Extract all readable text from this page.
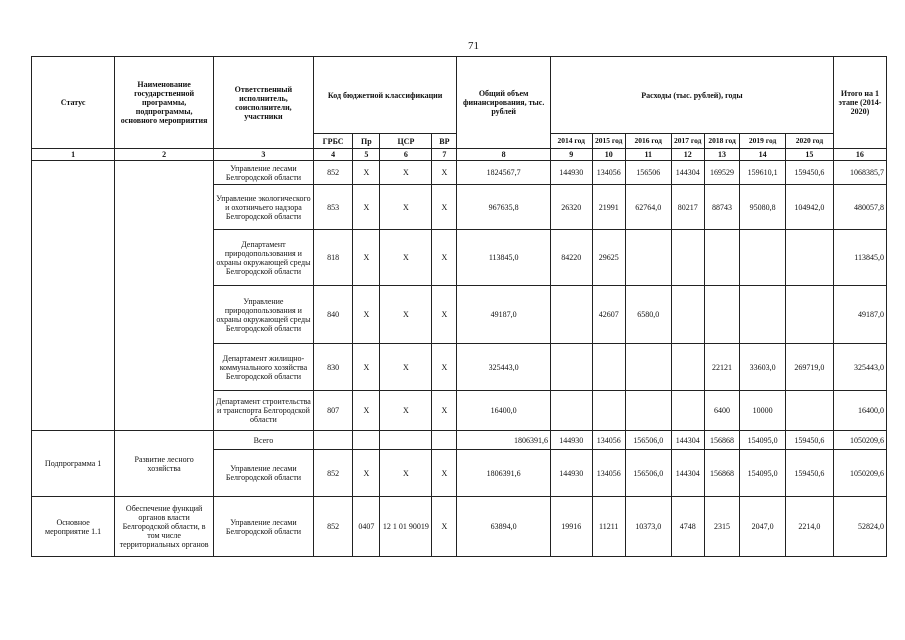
71
Статус	Наименование государственной программы, подпрограммы, основного мероприятия	Ответственный исполнитель, соисполнители, участники	Код бюджетной классификации				Общий объем финансирования, тыс. рублей	Расходы (тыс. рублей), годы							Итого на 1 этапе (2014-2020)
			ГРБС	Пр	ЦСР	ВР		2014 год	2015 год	2016 год	2017 год	2018 год	2019 год	2020 год	
1	2	3	4	5	6	7	8	9	10	11	12	13	14	15	16
		Управление лесами Белгородской области	852	X	X	X	1824567,7	144930	134056	156506	144304	169529	159610,1	159450,6	1068385,7
		Управление экологического и охотничьего надзора Белгородской области	853	X	X	X	967635,8	26320	21991	62764,0	80217	88743	95080,8	104942,0	480057,8
		Департамент природопользования и охраны окружающей среды Белгородской области	818	X	X	X	113845,0	84220	29625						113845,0
		Управление природопользования и охраны окружающей среды Белгородской области	840	X	X	X	49187,0		42607	6580,0					49187,0
		Департамент жилищно-коммунального хозяйства Белгородской области	830	X	X	X	325443,0					22121	33603,0	269719,0	325443,0
		Департамент строительства и транспорта Белгородской области	807	X	X	X	16400,0					6400	10000		16400,0
Подпрограмма 1	Развитие лесного хозяйства	Всего					1806391,6	144930	134056	156506,0	144304	156868	154095,0	159450,6	1050209,6
		Управление лесами Белгородской области	852	X	X	X	1806391,6	144930	134056	156506,0	144304	156868	154095,0	159450,6	1050209,6
Основное мероприятие 1.1	Обеспечение функций органов власти Белгородской области, в том числе территориальных органов	Управление лесами Белгородской области	852	0407	12 1 01 90019	X	63894,0	19916	11211	10373,0	4748	2315	2047,0	2214,0	52824,0
